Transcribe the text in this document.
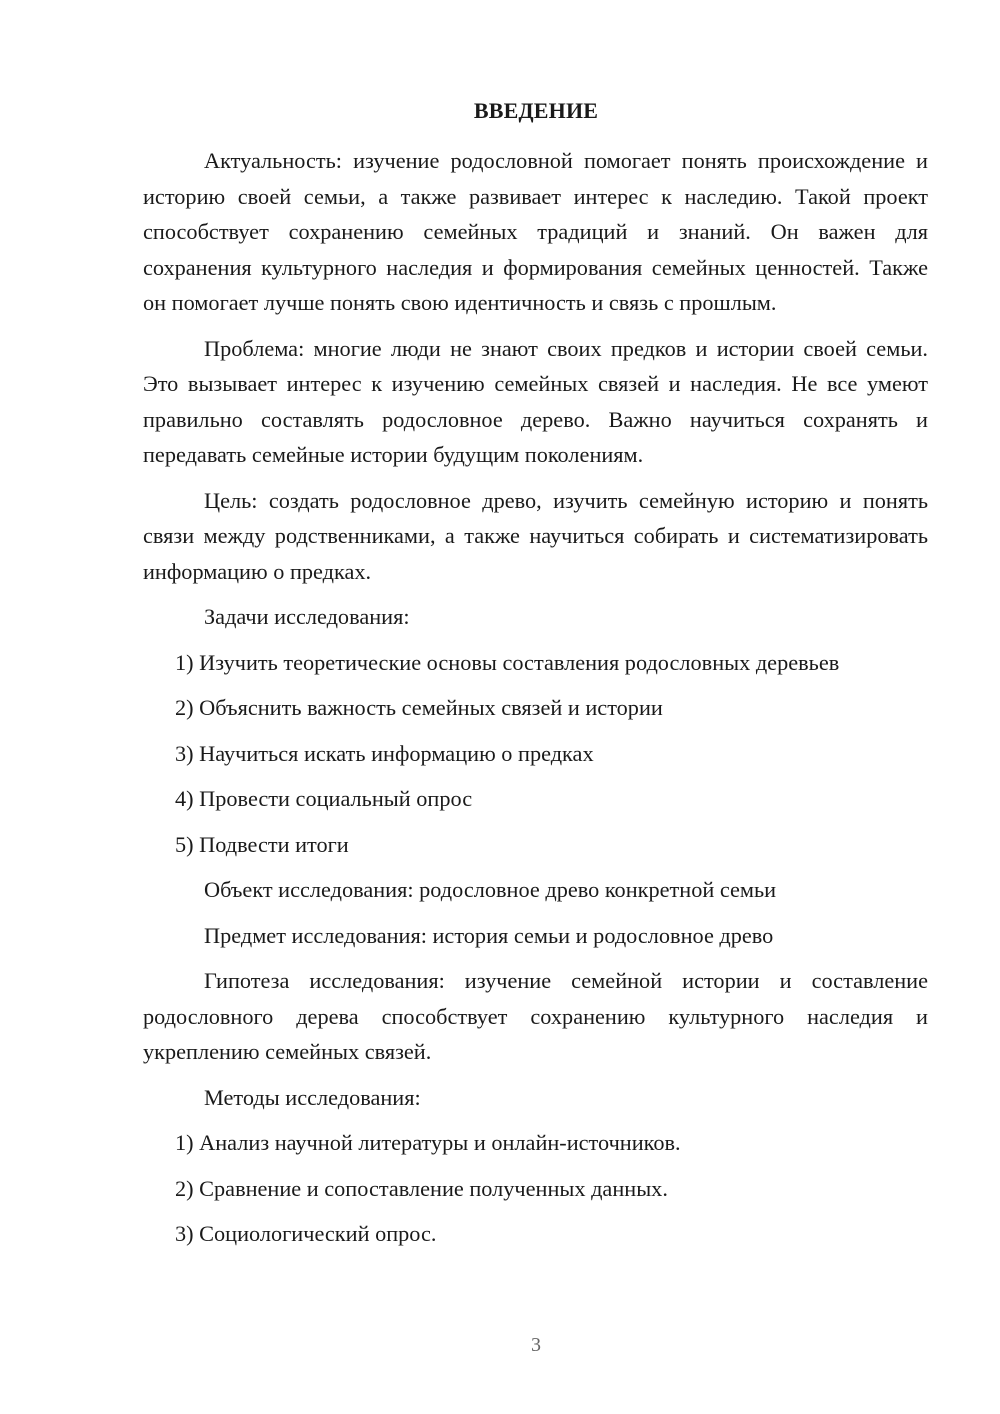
ВВЕДЕНИЕ

Актуальность: изучение родословной помогает понять происхождение и историю своей семьи, а также развивает интерес к наследию. Такой проект способствует сохранению семейных традиций и знаний. Он важен для сохранения культурного наследия и формирования семейных ценностей. Также он помогает лучше понять свою идентичность и связь с прошлым.

Проблема: многие люди не знают своих предков и истории своей семьи. Это вызывает интерес к изучению семейных связей и наследия. Не все умеют правильно составлять родословное дерево. Важно научиться сохранять и передавать семейные истории будущим поколениям.

Цель: создать родословное древо, изучить семейную историю и понять связи между родственниками, а также научиться собирать и систематизировать информацию о предках.

Задачи исследования:

1) Изучить теоретические основы составления родословных деревьев

2) Объяснить важность семейных связей и истории

3) Научиться искать информацию о предках

4) Провести социальный опрос

5) Подвести итоги

Объект исследования: родословное древо конкретной семьи

Предмет исследования: история семьи и родословное древо

Гипотеза исследования: изучение семейной истории и составление родословного дерева способствует сохранению культурного наследия и укреплению семейных связей.

Методы исследования:

1) Анализ научной литературы и онлайн-источников.

2) Сравнение и сопоставление полученных данных.

3) Социологический опрос.

3
